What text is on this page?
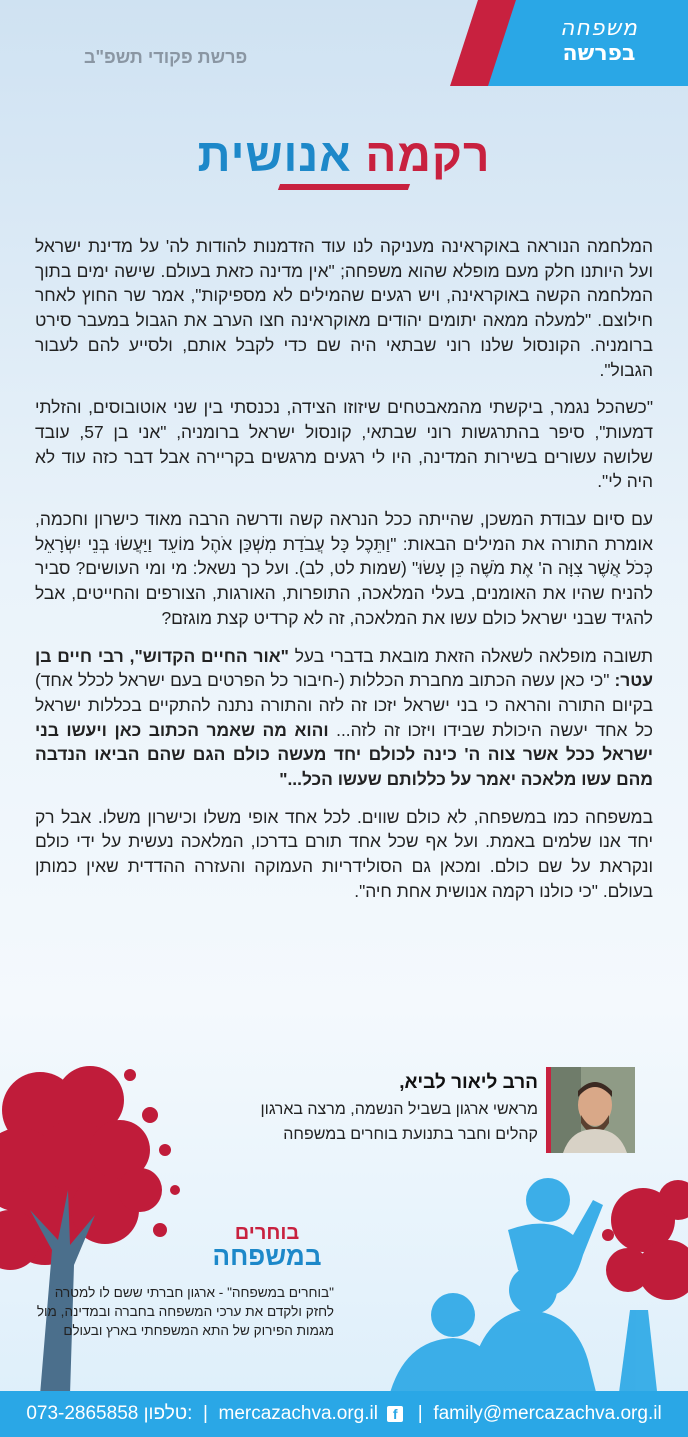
משפחה
בפרשה
פרשת פקודי תשפ"ב
רקמה אנושית

המלחמה הנוראה באוקראינה מעניקה לנו עוד הזדמנות להודות לה' על מדינת ישראל ועל היותנו חלק מעם מופלא שהוא משפחה; "אין מדינה כזאת בעולם. שישה ימים בתוך המלחמה הקשה באוקראינה, ויש רגעים שהמילים לא מספיקות", אמר שר החוץ לאחר חילוצם. "למעלה ממאה יתומים יהודים מאוקראינה חצו הערב את הגבול במעבר סירט ברומניה. הקונסול שלנו רוני שבתאי היה שם כדי לקבל אותם, ולסייע להם לעבור הגבול".

"כשהכל נגמר, ביקשתי מהמאבטחים שיזוזו הצידה, נכנסתי בין שני אוטובוסים, והזלתי דמעות", סיפר בהתרגשות רוני שבתאי, קונסול ישראל ברומניה, "אני בן 57, עובד שלושה עשורים בשירות המדינה, היו לי רגעים מרגשים בקריירה אבל דבר כזה עוד לא היה לי".

עם סיום עבודת המשכן, שהייתה ככל הנראה קשה ודרשה הרבה מאוד כישרון וחכמה, אומרת התורה את המילים הבאות: "וַתֵּכֶל כָּל עֲבֹדַת מִשְׁכַּן אֹהֶל מוֹעֵד וַיַּעֲשׂוּ בְּנֵי יִשְׂרָאֵל כְּכֹל אֲשֶׁר צִוָּה ה' אֶת מֹשֶׁה כֵּן עָשׂוּ" (שמות לט, לב). ועל כך נשאל: מי ומי העושים? סביר להניח שהיו את האומנים, בעלי המלאכה, התופרות, האורגות, הצורפים והחייטים, אבל להגיד שבני ישראל כולם עשו את המלאכה, זה לא קרדיט קצת מוגזם?

תשובה מופלאה לשאלה הזאת מובאת בדברי בעל "אור החיים הקדוש", רבי חיים בן עטר: "כי כאן עשה הכתוב מחברת הכללות (-חיבור כל הפרטים בעם ישראל לכלל אחד) בקיום התורה והראה כי בני ישראל יזכו זה לזה והתורה נתנה להתקיים בכללות ישראל כל אחד יעשה היכולת שבידו ויזכו זה לזה... והוא מה שאמר הכתוב כאן ויעשו בני ישראל ככל אשר צוה ה' כינה לכולם יחד מעשה כולם הגם שהם הביאו הנדבה מהם עשו מלאכה יאמר על כללותם שעשו הכל..."

במשפחה כמו במשפחה, לא כולם שווים. לכל אחד אופי משלו וכישרון משלו. אבל רק יחד אנו שלמים באמת. ועל אף שכל אחד תורם בדרכו, המלאכה נעשית על ידי כולם ונקראת על שם כולם. ומכאן גם הסולידריות העמוקה והעזרה ההדדית שאין כמותן בעולם. "כי כולנו רקמה אנושית אחת חיה".

הרב ליאור לביא,
מראשי ארגון בשביל הנשמה, מרצה בארגון
קהלים וחבר בתנועת בוחרים במשפחה
בוחרים
במשפחה
"בוחרים במשפחה" - ארגון חברתי ששם לו למטרה לחזק ולקדם את ערכי המשפחה בחברה ובמדינה, מול מגמות הפירוק של התא המשפחתי בארץ ובעולם
073-2865858 טלפון:  |  mercazachva.org.il f  |  family@mercazachva.org.il
